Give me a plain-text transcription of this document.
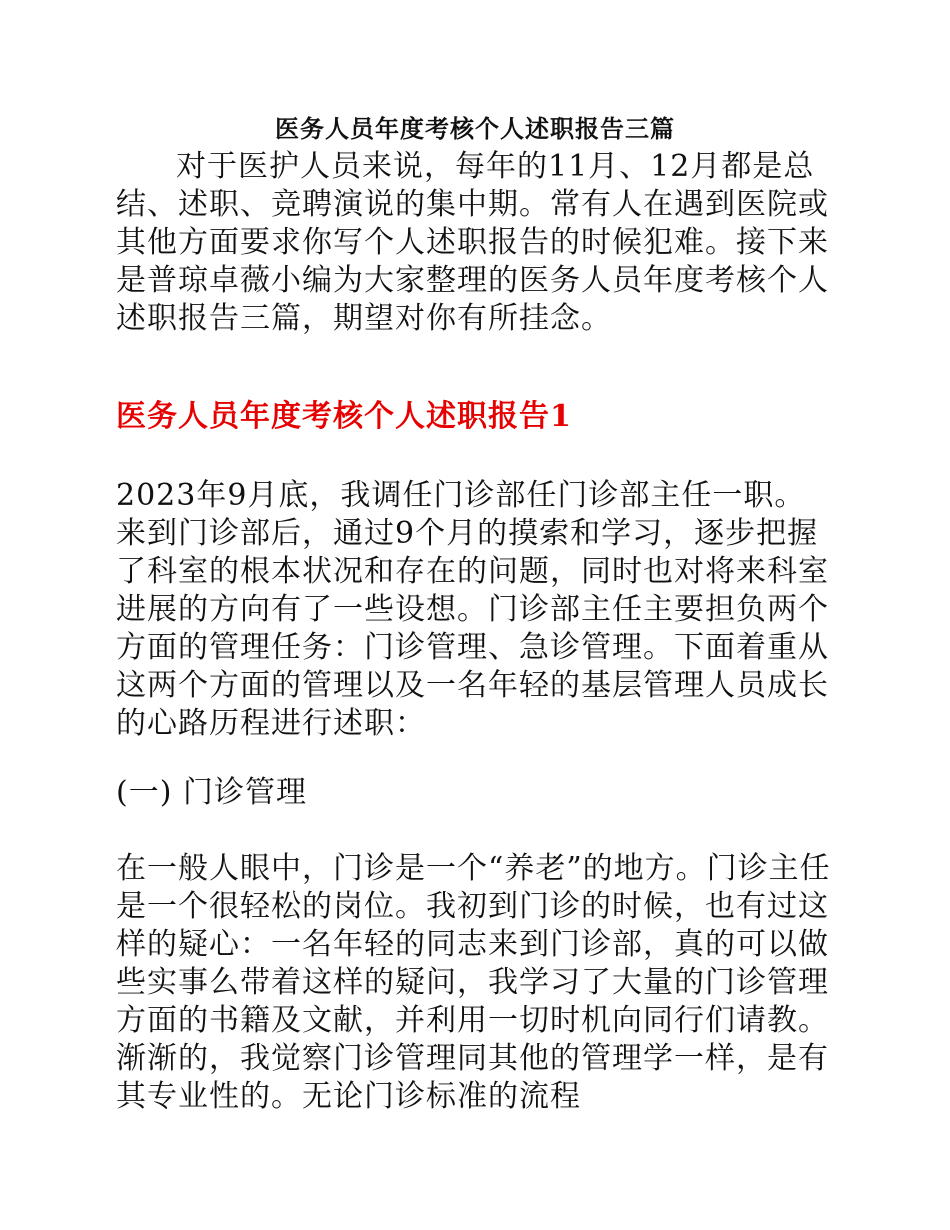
医务人员年度考核个人述职报告三篇

对于医护人员来说，每年的11月、12月都是总结、述职、竞聘演说的集中期。常有人在遇到医院或其他方面要求你写个人述职报告的时候犯难。接下来是普琼卓薇小编为大家整理的医务人员年度考核个人述职报告三篇，期望对你有所挂念。

医务人员年度考核个人述职报告1

2023年9月底，我调任门诊部任门诊部主任一职。来到门诊部后，通过9个月的摸索和学习，逐步把握了科室的根本状况和存在的问题，同时也对将来科室进展的方向有了一些设想。门诊部主任主要担负两个方面的管理任务：门诊管理、急诊管理。下面着重从这两个方面的管理以及一名年轻的基层管理人员成长的心路历程进行述职：

(一) 门诊管理

在一般人眼中，门诊是一个“养老”的地方。门诊主任是一个很轻松的岗位。我初到门诊的时候，也有过这样的疑心：一名年轻的同志来到门诊部，真的可以做些实事么带着这样的疑问，我学习了大量的门诊管理方面的书籍及文献，并利用一切时机向同行们请教。渐渐的，我觉察门诊管理同其他的管理学一样，是有其专业性的。无论门诊标准的流程
